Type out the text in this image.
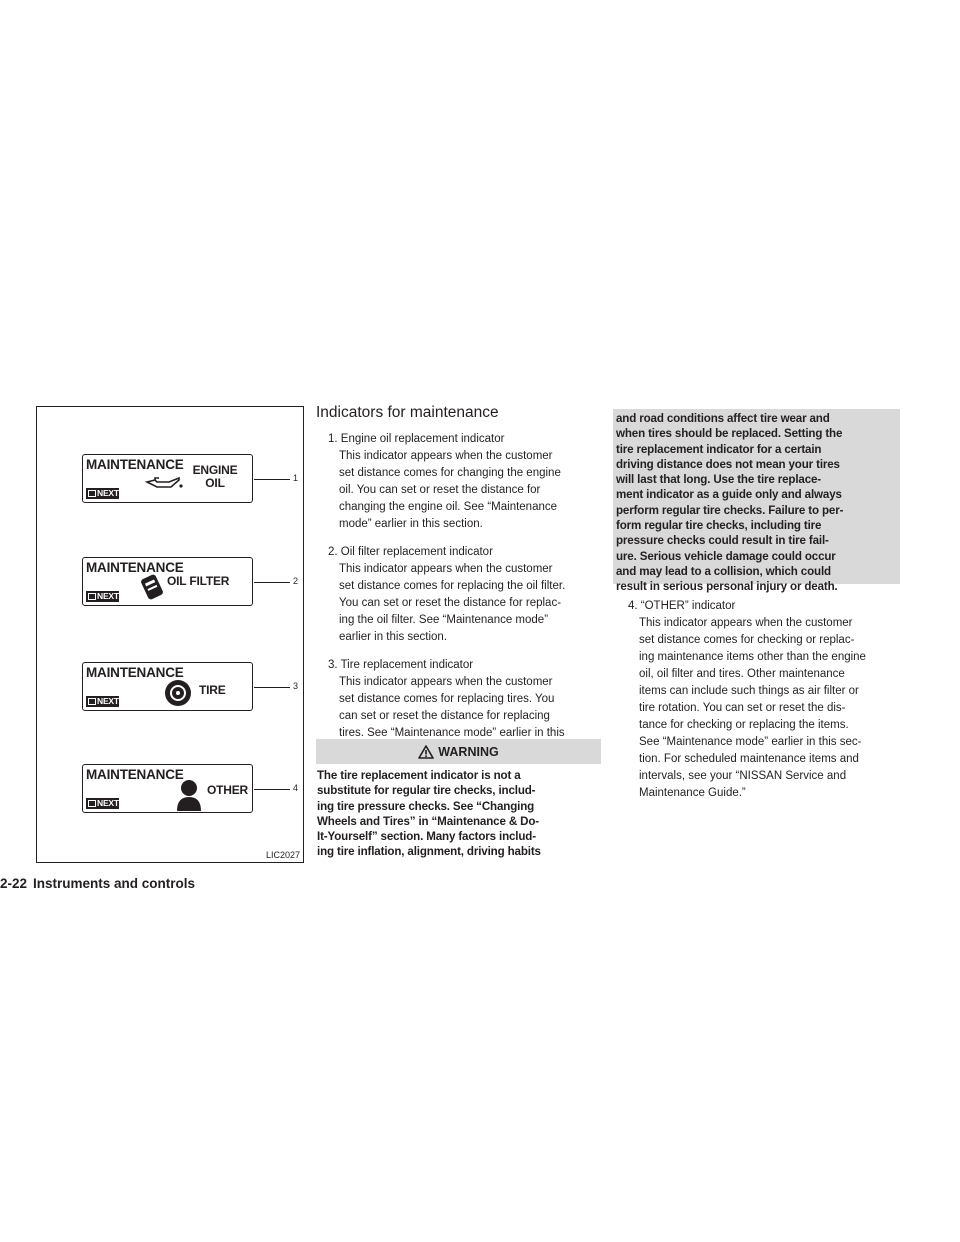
MAINTENANCE ENGINE
OIL
NEXT
1
MAINTENANCE
OIL FILTER
NEXT
2
MAINTENANCE
TIRE
NEXT
3
MAINTENANCE
OTHER
NEXT
4
LIC2027
Indicators for maintenance
1. Engine oil replacement indicator
This indicator appears when the customer
set distance comes for changing the engine
oil. You can set or reset the distance for
changing the engine oil. See “Maintenance
mode” earlier in this section.
2. Oil filter replacement indicator
This indicator appears when the customer
set distance comes for replacing the oil filter.
You can set or reset the distance for replac-
ing the oil filter. See “Maintenance mode”
earlier in this section.
3. Tire replacement indicator
This indicator appears when the customer
set distance comes for replacing tires. You
can set or reset the distance for replacing
tires. See “Maintenance mode” earlier in this
WARNING
The tire replacement indicator is not a
substitute for regular tire checks, includ-
ing tire pressure checks. See “Changing
Wheels and Tires” in “Maintenance & Do-
It-Yourself” section. Many factors includ-
ing tire inflation, alignment, driving habits
and road conditions affect tire wear and
when tires should be replaced. Setting the
tire replacement indicator for a certain
driving distance does not mean your tires
will last that long. Use the tire replace-
ment indicator as a guide only and always
perform regular tire checks. Failure to per-
form regular tire checks, including tire
pressure checks could result in tire fail-
ure. Serious vehicle damage could occur
and may lead to a collision, which could
result in serious personal injury or death.
4. “OTHER” indicator
This indicator appears when the customer
set distance comes for checking or replac-
ing maintenance items other than the engine
oil, oil filter and tires. Other maintenance
items can include such things as air filter or
tire rotation. You can set or reset the dis-
tance for checking or replacing the items.
See “Maintenance mode” earlier in this sec-
tion. For scheduled maintenance items and
intervals, see your “NISSAN Service and
Maintenance Guide.”
2-22 Instruments and controls
